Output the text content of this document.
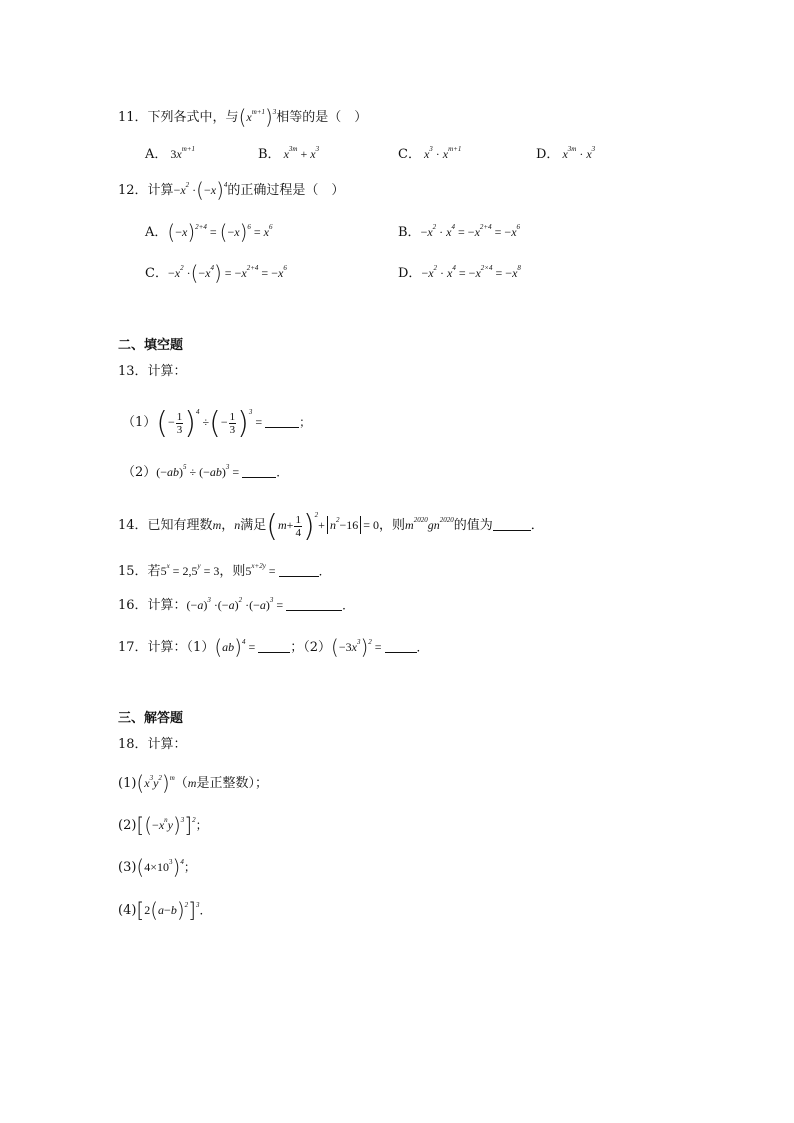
11．下列各式中，与$(x^{m+1})^3$相等的是（　）
A． $3x^{m+1}$	B． $x^{3m} + x^3$	C． $x^3 \cdot x^{m+1}$	D． $x^{3m} \cdot x^3$
12．计算$-x^2 \cdot(-x)^4$的正确过程是（　）
A．$(-x)^{2+4} = (-x)^6 = x^6$	B．$-x^2 \cdot x^4 = -x^{2+4} = -x^6$
C．$-x^2 \cdot(-x^4) = -x^{2+4} = -x^6$	D．$-x^2 \cdot x^4 = -x^{2\times 4} = -x^8$
二、填空题
13．计算：
$(1)(- \frac{1}{3} )^4$ ÷(− $\frac{1}{3} )^3$ =	；
$(2)(-ab)^5 \div (-ab)^3$ =	．
14．已知有理数m，n满足$(m+ \frac{1}{4} )^2+ n^2-16 = 0$，则$m^{2020}gn^{2020}$的值为	．
15．若$5^x = 2,5^y = 3$，则$5^{x+2y}$ =	．
16．计算：$(-a)^3 \cdot(-a)^2 \cdot(-a)^3$ =	．
17．计算：（1）(ab)$^4$ =	；$(2)(-3x^3)^2$ =	．
三、解答题
18．计算：
$(1)(x^3y^2)^m(m$是正整数）；
$(2)[(-x^ny)^3]^2$；
$(3)(4\times 10^3)^4$；
$(4)[2(a-b)^2]^3$．
